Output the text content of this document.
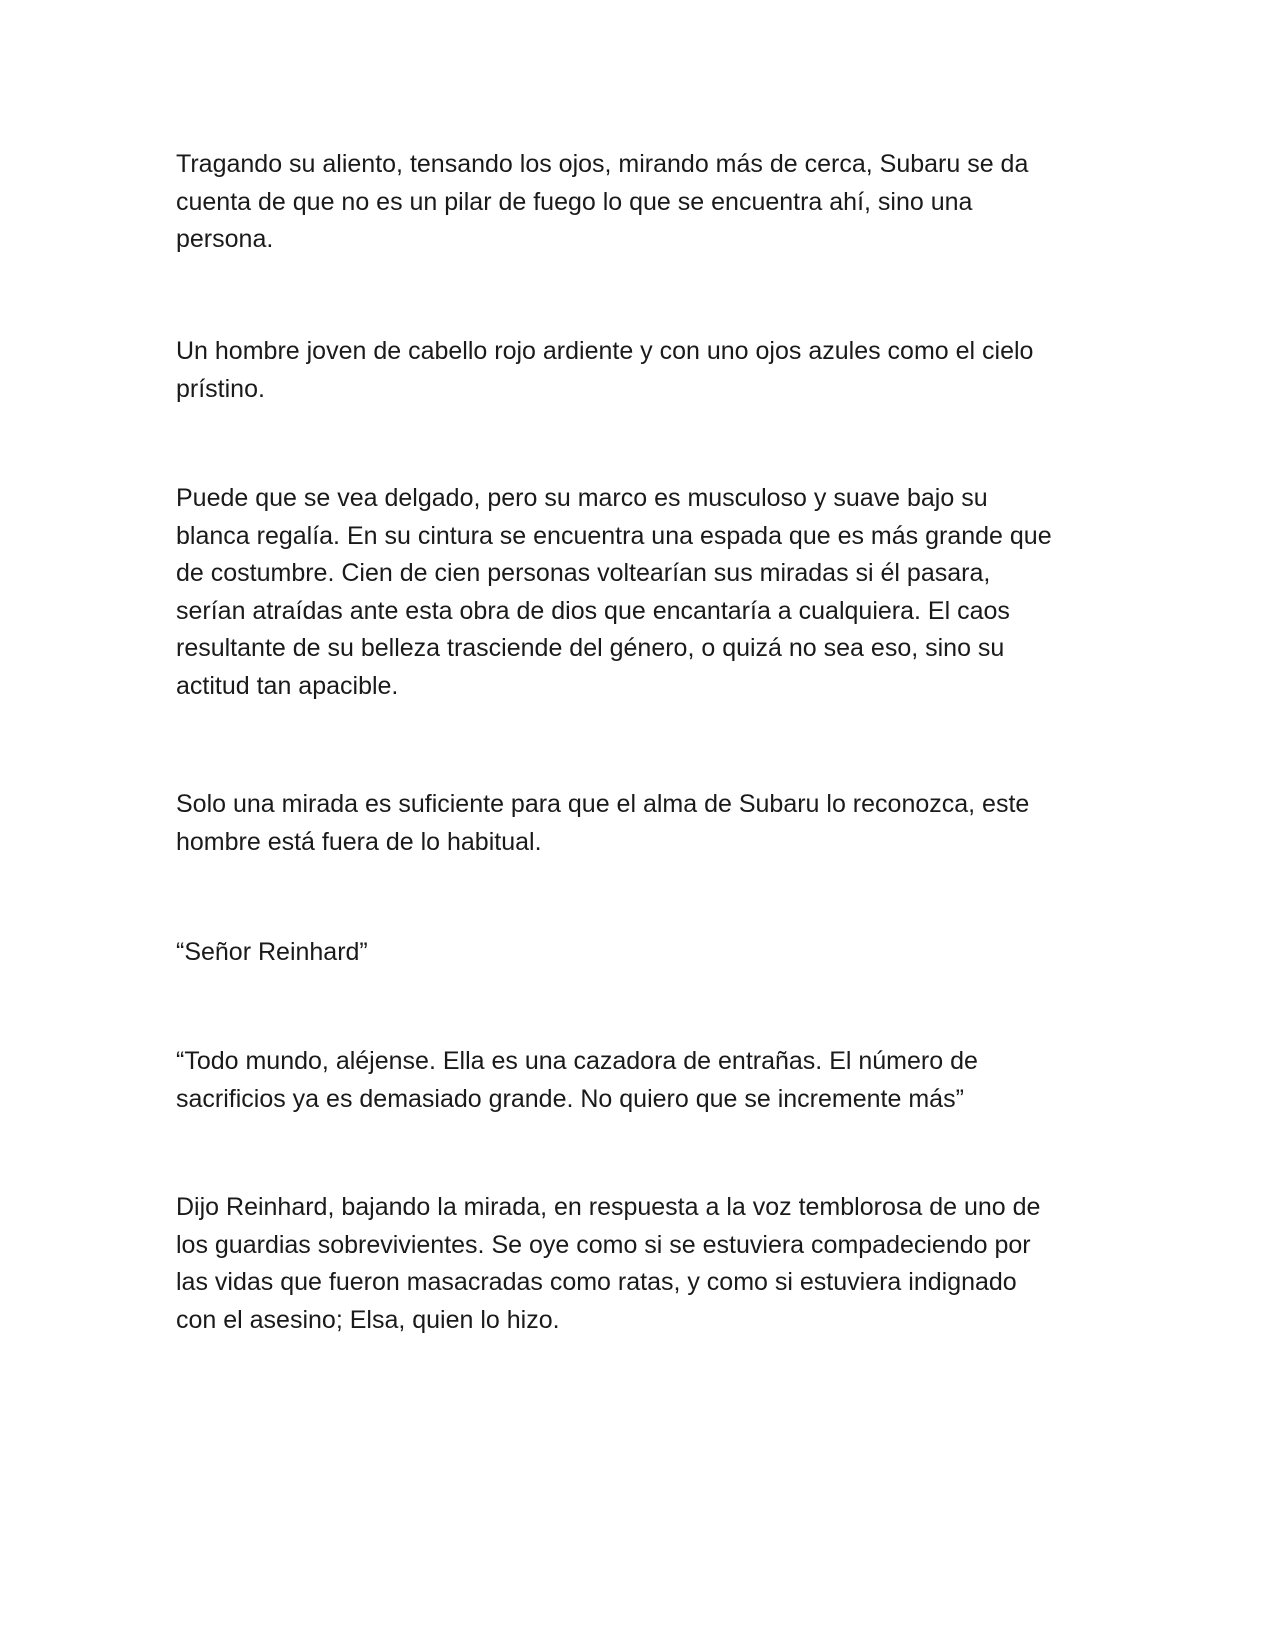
Tragando su aliento, tensando los ojos, mirando más de cerca, Subaru se da
cuenta de que no es un pilar de fuego lo que se encuentra ahí, sino una
persona.

Un hombre joven de cabello rojo ardiente y con uno ojos azules como el cielo
prístino.

Puede que se vea delgado, pero su marco es musculoso y suave bajo su
blanca regalía. En su cintura se encuentra una espada que es más grande que
de costumbre. Cien de cien personas voltearían sus miradas si él pasara,
serían atraídas ante esta obra de dios que encantaría a cualquiera. El caos
resultante de su belleza trasciende del género, o quizá no sea eso, sino su
actitud tan apacible.

Solo una mirada es suficiente para que el alma de Subaru lo reconozca, este
hombre está fuera de lo habitual.

“Señor Reinhard”

“Todo mundo, aléjense. Ella es una cazadora de entrañas. El número de
sacrificios ya es demasiado grande. No quiero que se incremente más”

Dijo Reinhard, bajando la mirada, en respuesta a la voz temblorosa de uno de
los guardias sobrevivientes. Se oye como si se estuviera compadeciendo por
las vidas que fueron masacradas como ratas, y como si estuviera indignado
con el asesino; Elsa, quien lo hizo.
